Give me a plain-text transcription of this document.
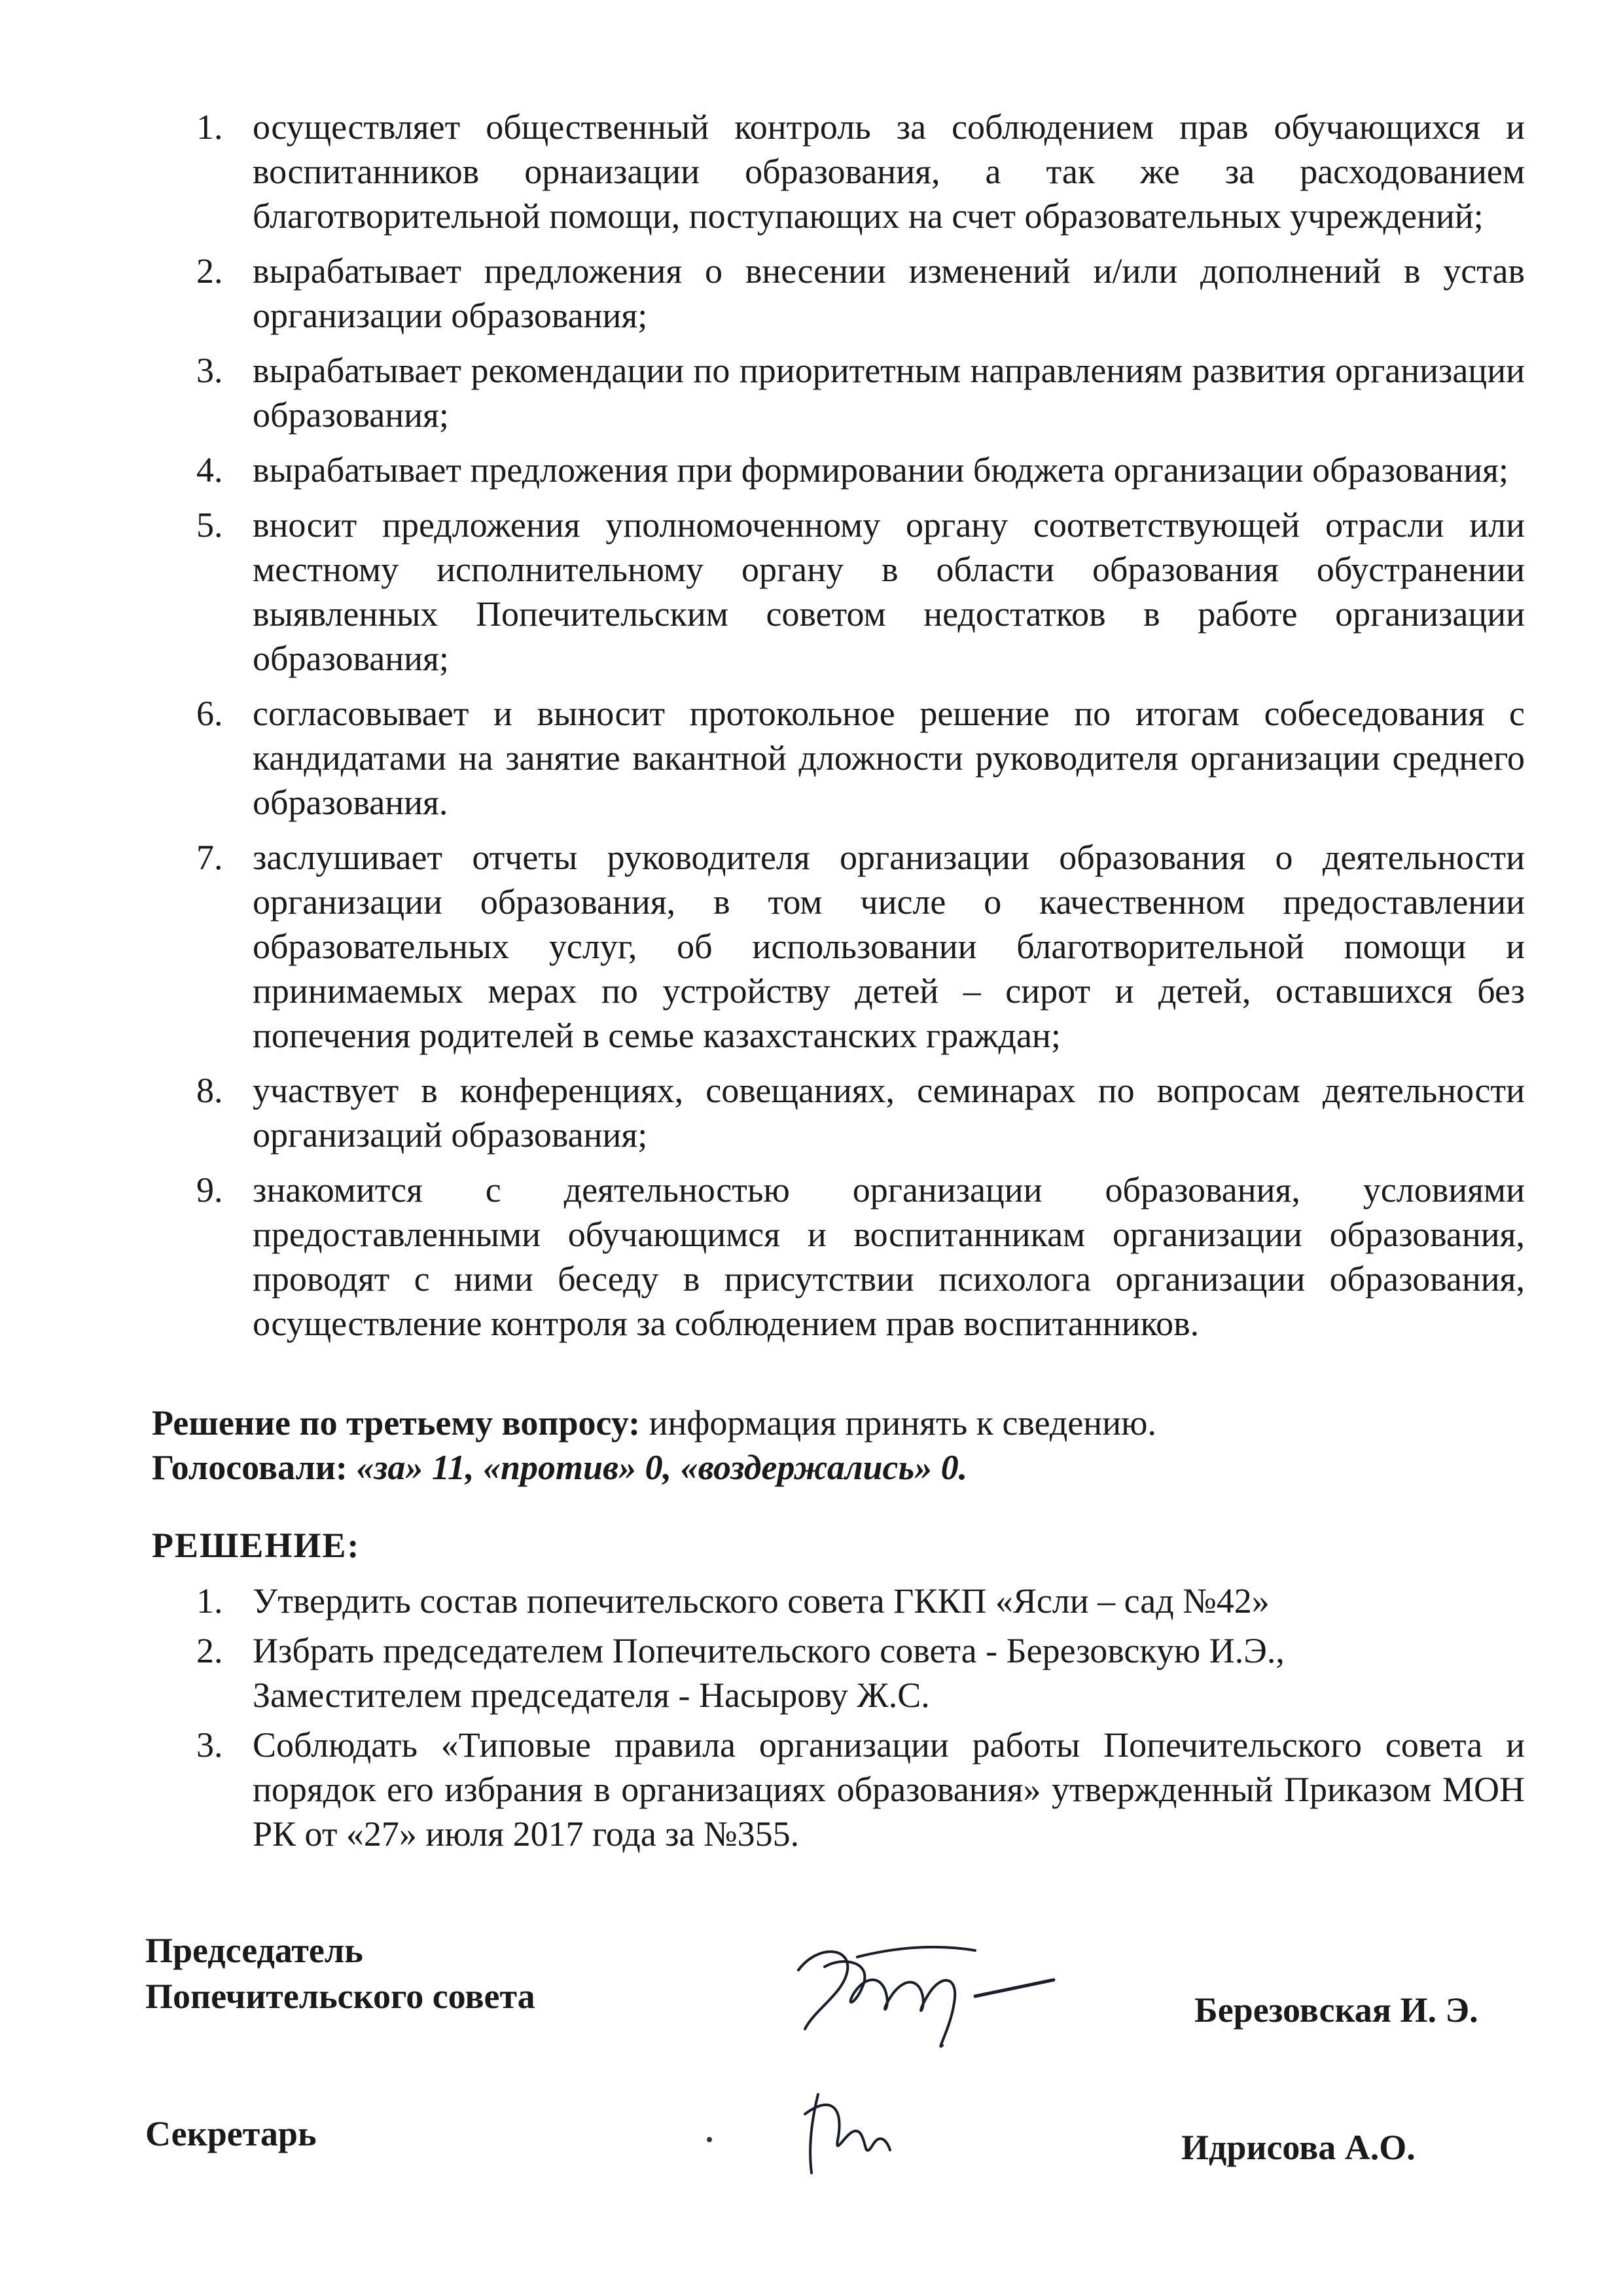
1. осуществляет общественный контроль за соблюдением прав обучающихся и воспитанников орнаизации образования, а так же за расходованием благотворительной помощи, поступающих на счет образовательных учреждений;
2. вырабатывает предложения о внесении изменений и/или дополнений в устав организации образования;
3. вырабатывает рекомендации по приоритетным направлениям развития организации образования;
4. вырабатывает предложения при формировании бюджета организации образования;
5. вносит предложения уполномоченному органу соответствующей отрасли или местному исполнительному органу в области образования обустранении выявленных Попечительским советом недостатков в работе организации образования;
6. согласовывает и выносит протокольное решение по итогам собеседования с кандидатами на занятие вакантной дложности руководителя организации среднего образования.
7. заслушивает отчеты руководителя организации образования о деятельности организации образования, в том числе о качественном предоставлении образовательных услуг, об использовании благотворительной помощи и принимаемых мерах по устройству детей – сирот и детей, оставшихся без попечения родителей в семье казахстанских граждан;
8. участвует в конференциях, совещаниях, семинарах по вопросам деятельности организаций образования;
9. знакомится с деятельностью организации образования, условиями предоставленными обучающимся и воспитанникам организации образования, проводят с ними беседу в присутствии психолога организации образования, осуществление контроля за соблюдением прав воспитанников.
Решение по третьему вопросу: информация принять к сведению.
Голосовали: «за» 11, «против» 0, «воздержались» 0.
РЕШЕНИЕ:
1. Утвердить состав попечительского совета ГККП «Ясли – сад №42»
2. Избрать председателем Попечительского совета - Березовскую И.Э.,
Заместителем председателя - Насырову Ж.С.
3. Соблюдать «Типовые правила организации работы Попечительского совета и порядок его избрания в организациях образования» утвержденный Приказом МОН РК от «27» июля 2017 года за №355.
Председатель
Попечительского совета	Березовская И. Э.
Секретарь	Идрисова А.О.
